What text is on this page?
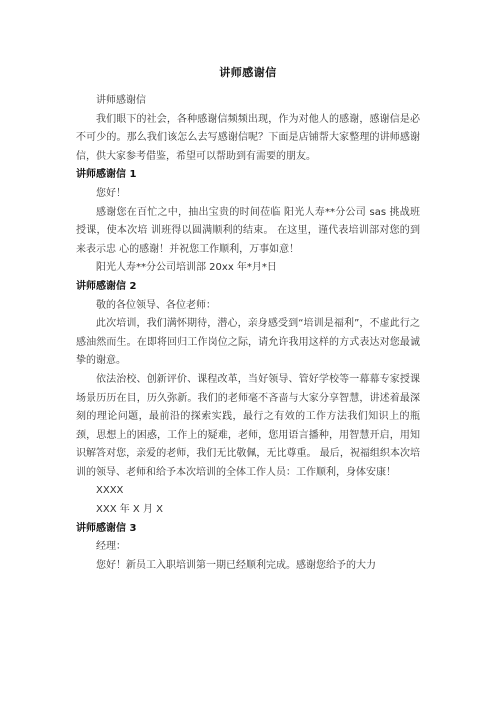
讲师感谢信

讲师感谢信

我们眼下的社会，各种感谢信频频出现，作为对他人的感谢，感谢信是必不可少的。那么我们该怎么去写感谢信呢？下面是店铺帮大家整理的讲师感谢信，供大家参考借鉴，希望可以帮助到有需要的朋友。

讲师感谢信 1

您好！

感谢您在百忙之中，抽出宝贵的时间莅临 阳光人寿**分公司 sas 挑战班授课，使本次培 训班得以圆满顺利的结束。 在这里，谨代表培训部对您的到来表示忠 心的感谢！并祝您工作顺利，万事如意！

阳光人寿**分公司培训部 20xx 年*月*日

讲师感谢信 2

敬的各位领导、各位老师：

此次培训，我们满怀期待，潜心，亲身感受到“培训是福利”，不虚此行之感油然而生。在即将回归工作岗位之际，请允许我用这样的方式表达对您最诚挚的谢意。

依法治校、创新评价、课程改革，当好领导、管好学校等一幕幕专家授课场景历历在目，历久弥新。我们的老师毫不吝啬与大家分享智慧，讲述着最深刻的理论问题，最前沿的探索实践，最行之有效的工作方法我们知识上的瓶颈，思想上的困惑，工作上的疑难，老师，您用语言播种，用智慧开启，用知识解答对您，亲爱的老师，我们无比敬佩，无比尊重。 最后，祝福组织本次培训的领导、老师和给予本次培训的全体工作人员：工作顺利，身体安康！

XXXX

XXX 年 X 月 X

讲师感谢信 3

经理：

您好！新员工入职培训第一期已经顺利完成。感谢您给予的大力
